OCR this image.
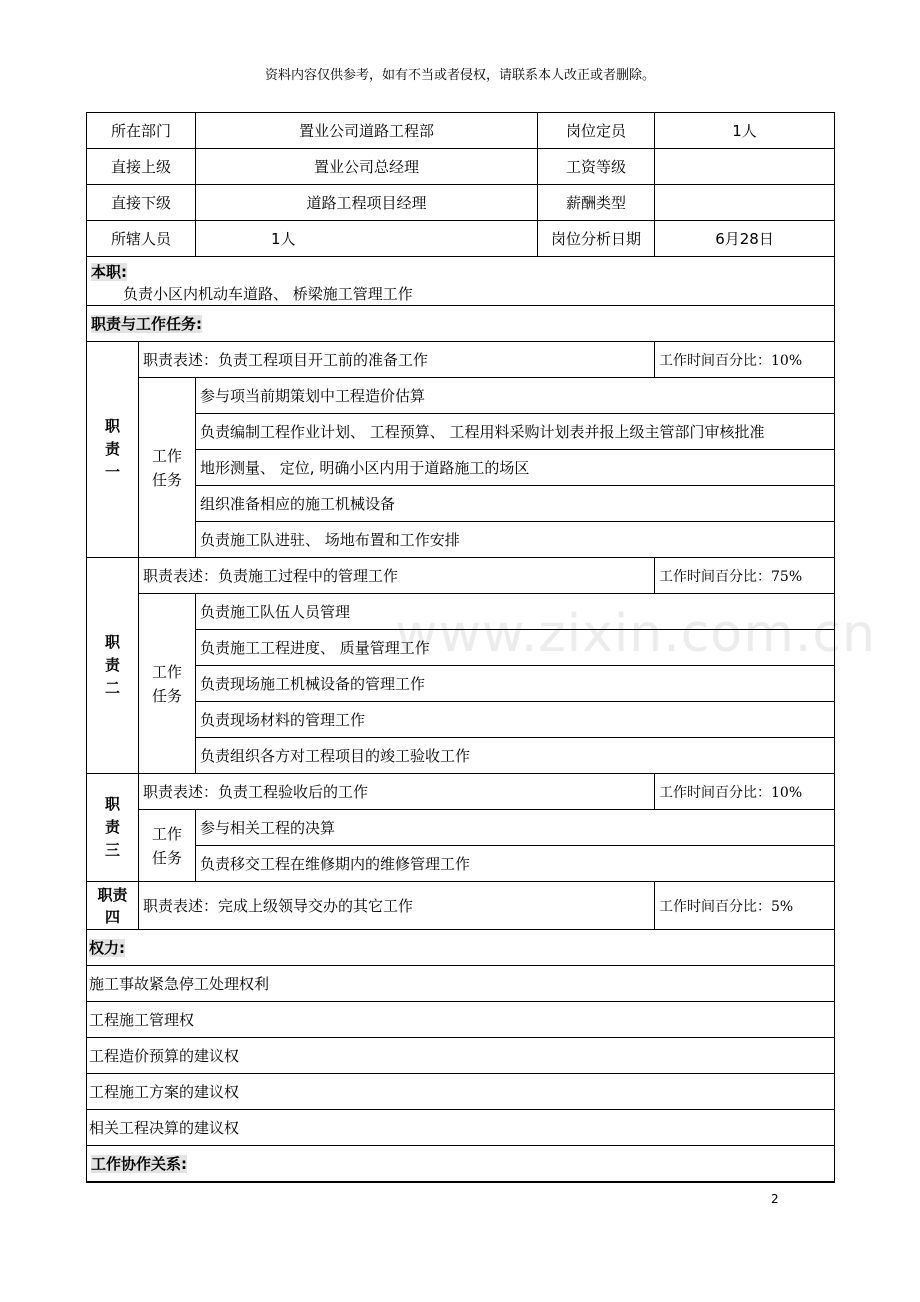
资料内容仅供参考，如有不当或者侵权，请联系本人改正或者删除。
www.zixin.com.cn
所在部门		置业公司道路工程部	岗位定员	1人
直接上级		置业公司总经理	工资等级	
直接下级		道路工程项目经理	薪酬类型	
所辖人员		1人	岗位分析日期	6月28日

本职:
负责小区内机动车道路、 桥梁施工管理工作				

职责与工作任务:				
职责一	职责表述：负责工程项目开工前的准备工作			工作时间百分比：10%
	工作任务	参与项当前期策划中工程造价估算		
		负责编制工程作业计划、 工程预算、 工程用料采购计划表并报上级主管部门审核批准		
		地形测量、 定位, 明确小区内用于道路施工的场区		
		组织准备相应的施工机械设备		
		负责施工队进驻、 场地布置和工作安排		
职责二	职责表述：负责施工过程中的管理工作			工作时间百分比：75%
	工作任务	负责施工队伍人员管理		
		负责施工工程进度、 质量管理工作		
		负责现场施工机械设备的管理工作		
		负责现场材料的管理工作		
		负责组织各方对工程项目的竣工验收工作		
职责三	职责表述：负责工程验收后的工作			工作时间百分比：10%
	工作任务	参与相关工程的决算		
		负责移交工程在维修期内的维修管理工作		
职责四	职责表述：完成上级领导交办的其它工作			工作时间百分比：5%
权力:				
施工事故紧急停工处理权利				
工程施工管理权				
工程造价预算的建议权				
工程施工方案的建议权				
相关工程决算的建议权				
工作协作关系:				
2
